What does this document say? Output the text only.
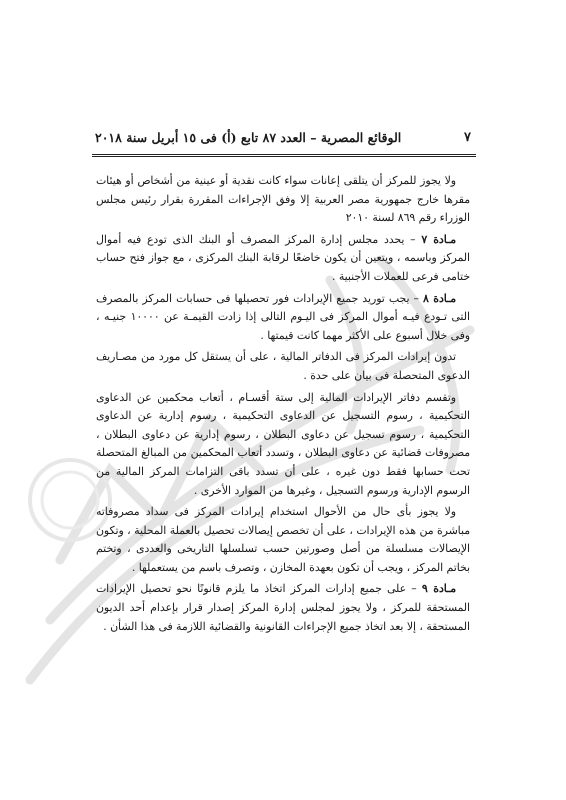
الوقائع المصرية – العدد ٨٧ تابع (أ) فى ١٥ أبريل سنة ٢٠١٨	٧

ولا يجوز للمركز أن يتلقى إعانات سواء كانت نقدية أو عينية من أشخاص أو هيئات مقرها خارج جمهورية مصر العربية إلا وفق الإجراءات المقررة بقرار رئيس مجلس الوزراء رقم ٨٦٩ لسنة ٢٠١٠

مـادة ٧ – يحدد مجلس إدارة المركز المصرف أو البنك الذى تودع فيه أموال المركز وباسمه ، ويتعين أن يكون خاضعًا لرقابة البنك المركزى ، مع جواز فتح حساب ختامى فرعى للعملات الأجنبية .

مـادة ٨ – يجب توريد جميع الإيرادات فور تحصيلها فى حسابات المركز بالمصرف التى تـودع فيـه أموال المركز فى اليـوم التالى إذا زادت القيمـة عن ١٠٠٠٠ جنيـه ، وفى خلال أسبوع على الأكثر مهما كانت قيمتها .

تدون إيرادات المركز فى الدفاتر المالية ، على أن يستقل كل مورد من مصـاريف الدعوى المتحصلة فى بيان على حدة .

وتقسم دفاتر الإيرادات المالية إلى ستة أقسـام ، أتعاب محكمين عن الدعاوى التحكيمية ، رسوم التسجيل عن الدعاوى التحكيمية ، رسوم إدارية عن الدعاوى التحكيمية ، رسوم تسجيل عن دعاوى البطلان ، رسوم إدارية عن دعاوى البطلان ، مصروفات قضائية عن دعاوى البطلان ، وتسدد أتعاب المحكمين من المبالغ المتحصلة تحت حسابها فقط دون غيره ، على أن تسدد باقى التزامات المركز المالية من الرسوم الإدارية ورسوم التسجيل ، وغيرها من الموارد الأخرى .

ولا يجوز بأى حال من الأحوال استخدام إيرادات المركز فى سداد مصروفاته مباشرة من هذه الإيرادات ، على أن تخصص إيصالات تحصيل بالعملة المحلية ، وتكون الإيصالات مسلسلة من أصل وصورتين حسب تسلسلها التاريخى والعددى ، وتختم بخاتم المركز ، ويجب أن تكون بعهدة المخازن ، وتصرف باسم من يستعملها .

مـادة ٩ – على جميع إدارات المركز اتخاذ ما يلزم قانونًا نحو تحصيل الإيرادات المستحقة للمركز ، ولا يجوز لمجلس إدارة المركز إصدار قرار بإعدام أحد الديون المستحقة ، إلا بعد اتخاذ جميع الإجراءات القانونية والقضائية اللازمة فى هذا الشأن .
